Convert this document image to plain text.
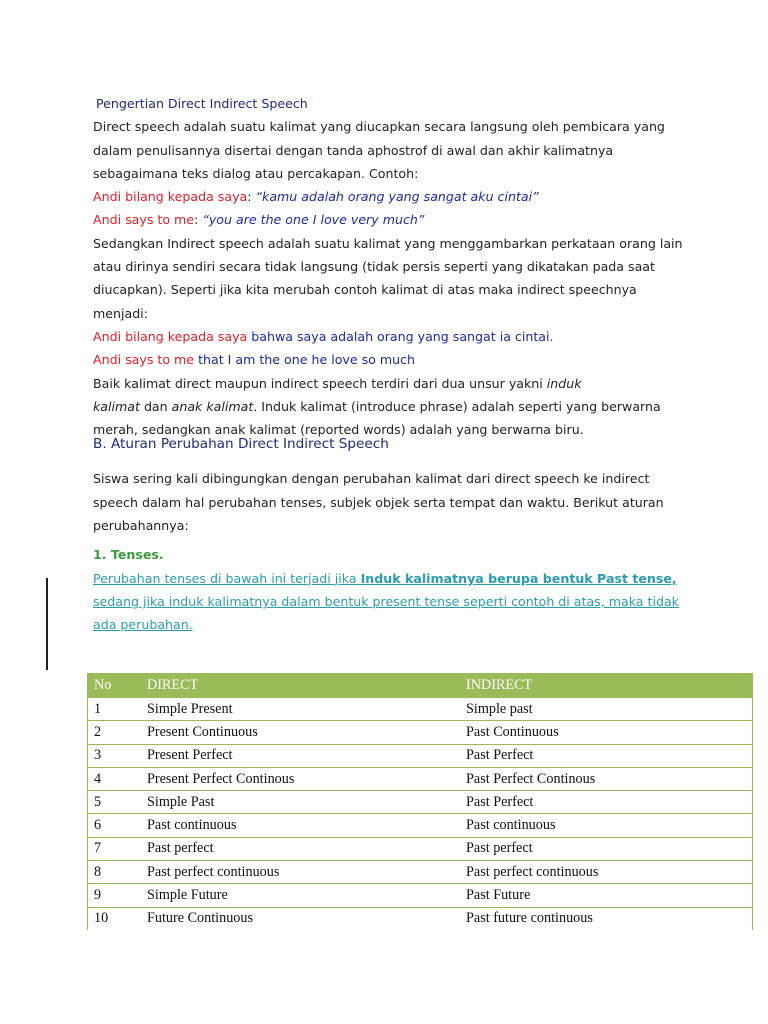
Pengertian Direct Indirect Speech
Direct speech adalah suatu kalimat yang diucapkan secara langsung oleh pembicara yang
dalam penulisannya disertai dengan tanda aphostrof di awal dan akhir kalimatnya
sebagaimana teks dialog atau percakapan. Contoh:
Andi bilang kepada saya: “kamu adalah orang yang sangat aku cintai”
Andi says to me: “you are the one I love very much”
Sedangkan Indirect speech adalah suatu kalimat yang menggambarkan perkataan orang lain
atau dirinya sendiri secara tidak langsung (tidak persis seperti yang dikatakan pada saat
diucapkan). Seperti jika kita merubah contoh kalimat di atas maka indirect speechnya
menjadi:
Andi bilang kepada saya bahwa saya adalah orang yang sangat ia cintai.
Andi says to me that I am the one he love so much
Baik kalimat direct maupun indirect speech terdiri dari dua unsur yakni induk
kalimat dan anak kalimat. Induk kalimat (introduce phrase) adalah seperti yang berwarna
merah, sedangkan anak kalimat (reported words) adalah yang berwarna biru.
B. Aturan Perubahan Direct Indirect Speech
Siswa sering kali dibingungkan dengan perubahan kalimat dari direct speech ke indirect
speech dalam hal perubahan tenses, subjek objek serta tempat dan waktu. Berikut aturan
perubahannya:
1. Tenses.
Perubahan tenses di bawah ini terjadi jika Induk kalimatnya berupa bentuk Past tense,
sedang jika induk kalimatnya dalam bentuk present tense seperti contoh di atas, maka tidak
ada perubahan.
No	DIRECT	INDIRECT
1	Simple Present	Simple past
2	Present Continuous	Past Continuous
3	Present Perfect	Past Perfect
4	Present Perfect Continous	Past Perfect Continous
5	Simple Past	Past Perfect
6	Past continuous	Past continuous
7	Past perfect	Past perfect
8	Past perfect continuous	Past perfect continuous
9	Simple Future	Past Future
10	Future Continuous	Past future continuous
